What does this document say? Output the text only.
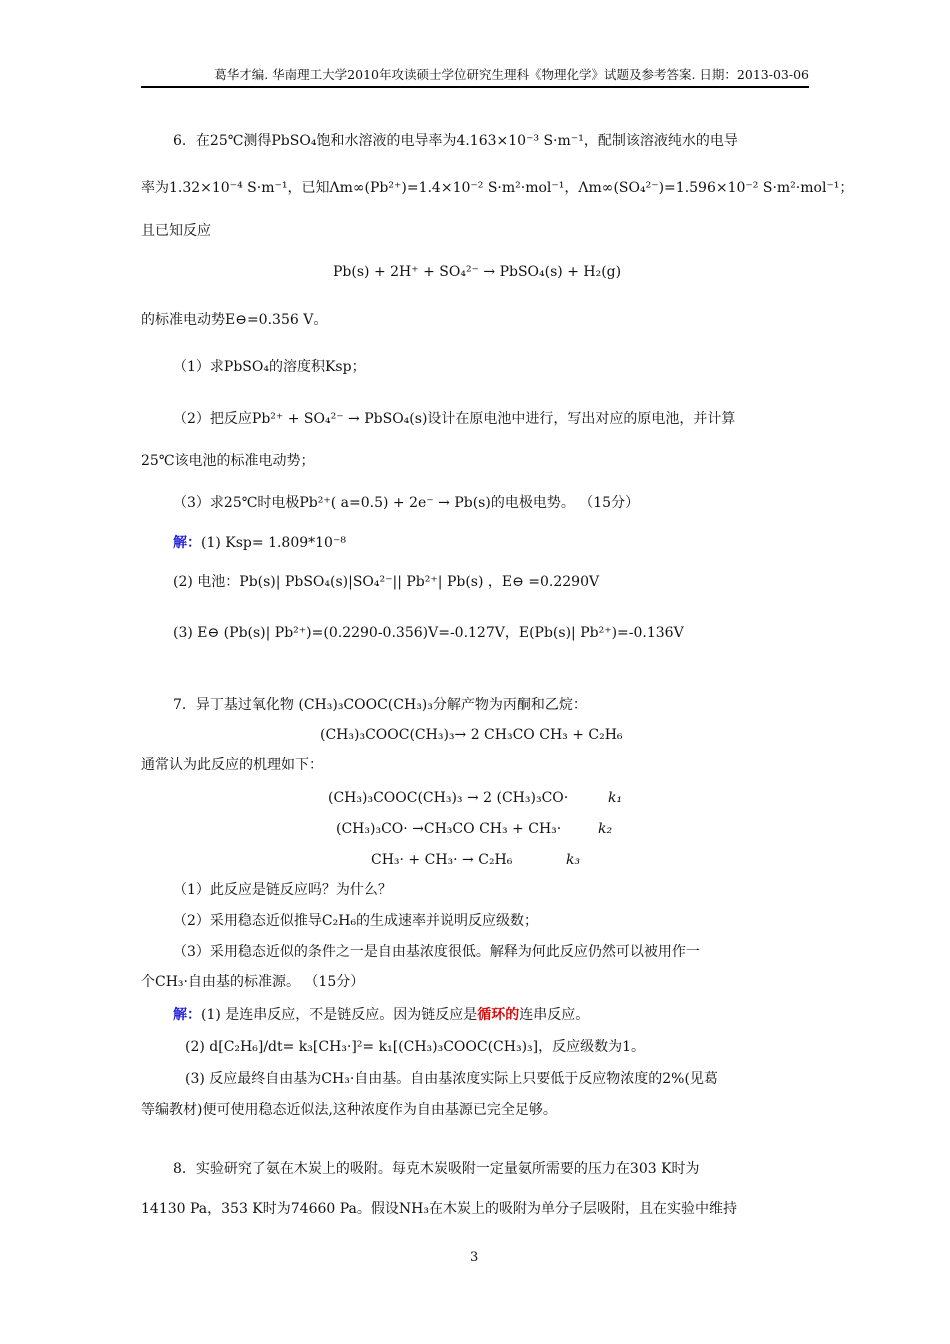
葛华才编. 华南理工大学2010年攻读硕士学位研究生理科《物理化学》试题及参考答案. 日期：2013-03-06
6．在25℃测得PbSO₄饱和水溶液的电导率为4.163×10⁻³ S·m⁻¹，配制该溶液纯水的电导
率为1.32×10⁻⁴ S·m⁻¹，已知Λm∞(Pb²⁺)=1.4×10⁻² S·m²·mol⁻¹，Λm∞(SO₄²⁻)=1.596×10⁻² S·m²·mol⁻¹；
且已知反应
Pb(s) + 2H⁺ + SO₄²⁻ → PbSO₄(s) + H₂(g)
的标准电动势E⊖=0.356 V。
（1）求PbSO₄的溶度积Ksp；
（2）把反应Pb²⁺ + SO₄²⁻ → PbSO₄(s)设计在原电池中进行，写出对应的原电池，并计算
25℃该电池的标准电动势；
（3）求25℃时电极Pb²⁺( a=0.5) + 2e⁻ → Pb(s)的电极电势。 （15分）
解：(1) Ksp= 1.809*10⁻⁸
(2) 电池：Pb(s)| PbSO₄(s)|SO₄²⁻|| Pb²⁺| Pb(s) ，E⊖ =0.2290V
(3) E⊖ (Pb(s)| Pb²⁺)=(0.2290-0.356)V=-0.127V，E(Pb(s)| Pb²⁺)=-0.136V
7．异丁基过氧化物 (CH₃)₃COOC(CH₃)₃分解产物为丙酮和乙烷：
(CH₃)₃COOC(CH₃)₃→ 2 CH₃CO CH₃ + C₂H₆
通常认为此反应的机理如下：
(CH₃)₃COOC(CH₃)₃ → 2 (CH₃)₃CO·	k₁
(CH₃)₃CO· →CH₃CO CH₃ + CH₃·	k₂
CH₃· + CH₃· → C₂H₆	k₃
（1）此反应是链反应吗？为什么？
（2）采用稳态近似推导C₂H₆的生成速率并说明反应级数；
（3）采用稳态近似的条件之一是自由基浓度很低。解释为何此反应仍然可以被用作一
个CH₃·自由基的标准源。 （15分）
解：(1) 是连串反应，不是链反应。因为链反应是循环的连串反应。
(2) d[C₂H₆]/dt= k₃[CH₃·]²= k₁[(CH₃)₃COOC(CH₃)₃]，反应级数为1。
(3) 反应最终自由基为CH₃·自由基。自由基浓度实际上只要低于反应物浓度的2%(见葛
等编教材)便可使用稳态近似法,这种浓度作为自由基源已完全足够。
8．实验研究了氨在木炭上的吸附。每克木炭吸附一定量氨所需要的压力在303 K时为
14130 Pa，353 K时为74660 Pa。假设NH₃在木炭上的吸附为单分子层吸附，且在实验中维持
3
